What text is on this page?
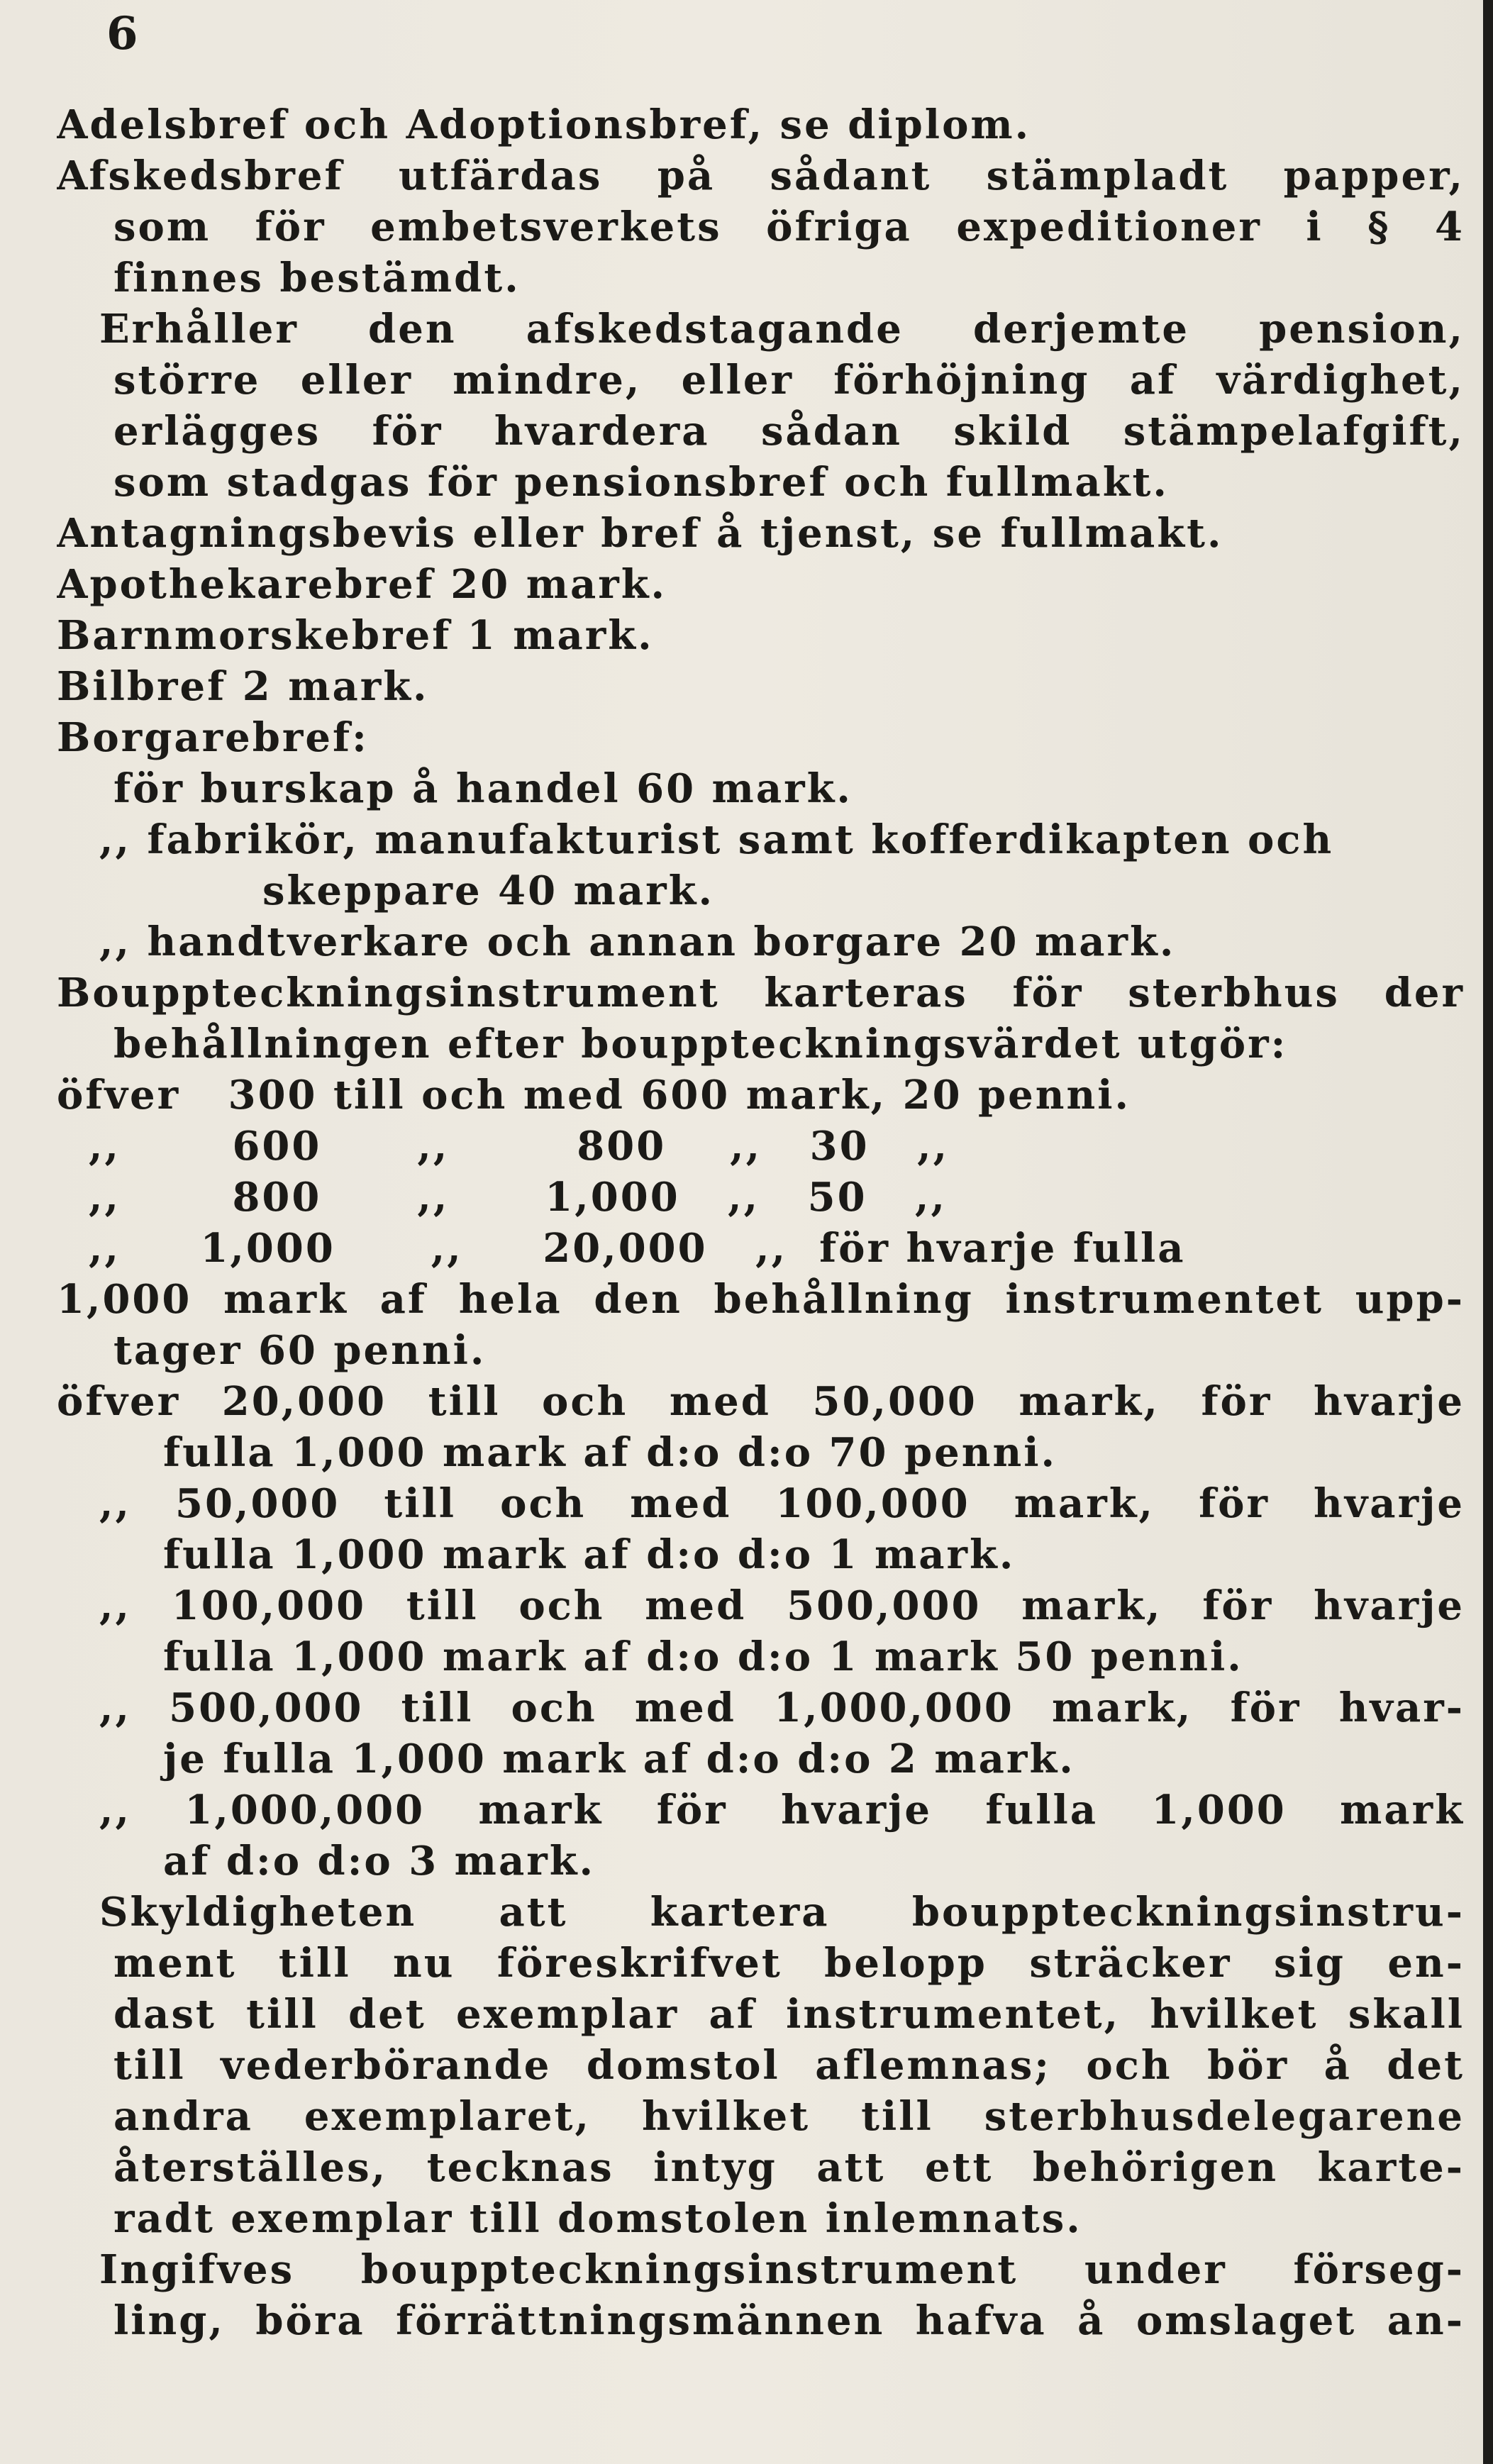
6
Adelsbref och Adoptionsbref, se diplom.
Afskedsbref utfärdas på sådant stämpladt papper,
som för embetsverkets öfriga expeditioner i § 4
finnes bestämdt.
Erhåller den afskedstagande derjemte pension,
större eller mindre, eller förhöjning af värdighet,
erlägges för hvardera sådan skild stämpelafgift,
som stadgas för pensionsbref och fullmakt.
Antagningsbevis eller bref å tjenst, se fullmakt.
Apothekarebref 20 mark.
Barnmorskebref 1 mark.
Bilbref 2 mark.
Borgarebref:
för burskap å handel 60 mark.
,, fabrikör, manufakturist samt kofferdikapten och
skeppare 40 mark.
,, handtverkare och annan borgare 20 mark.
Bouppteckningsinstrument karteras för sterbhus der
behållningen efter bouppteckningsvärdet utgör:
öfver   300 till och med 600 mark, 20 penni.
,,       600      ,,        800    ,,   30   ,,
,,       800      ,,      1,000   ,,   50   ,,
,,     1,000      ,,     20,000   ,,  för hvarje fulla
1,000 mark af hela den behållning instrumentet upp-
tager 60 penni.
öfver 20,000 till och med 50,000 mark, för hvarje
fulla 1,000 mark af d:o d:o 70 penni.
,, 50,000 till och med 100,000 mark, för hvarje
fulla 1,000 mark af d:o d:o 1 mark.
,, 100,000 till och med 500,000 mark, för hvarje
fulla 1,000 mark af d:o d:o 1 mark 50 penni.
,, 500,000 till och med 1,000,000 mark, för hvar-
je fulla 1,000 mark af d:o d:o 2 mark.
,, 1,000,000 mark för hvarje fulla 1,000 mark
af d:o d:o 3 mark.
Skyldigheten att kartera bouppteckningsinstru-
ment till nu föreskrifvet belopp sträcker sig en-
dast till det exemplar af instrumentet, hvilket skall
till vederbörande domstol aflemnas; och bör å det
andra exemplaret, hvilket till sterbhusdelegarene
återställes, tecknas intyg att ett behörigen karte-
radt exemplar till domstolen inlemnats.
Ingifves bouppteckningsinstrument under förseg-
ling, böra förrättningsmännen hafva å omslaget an-
